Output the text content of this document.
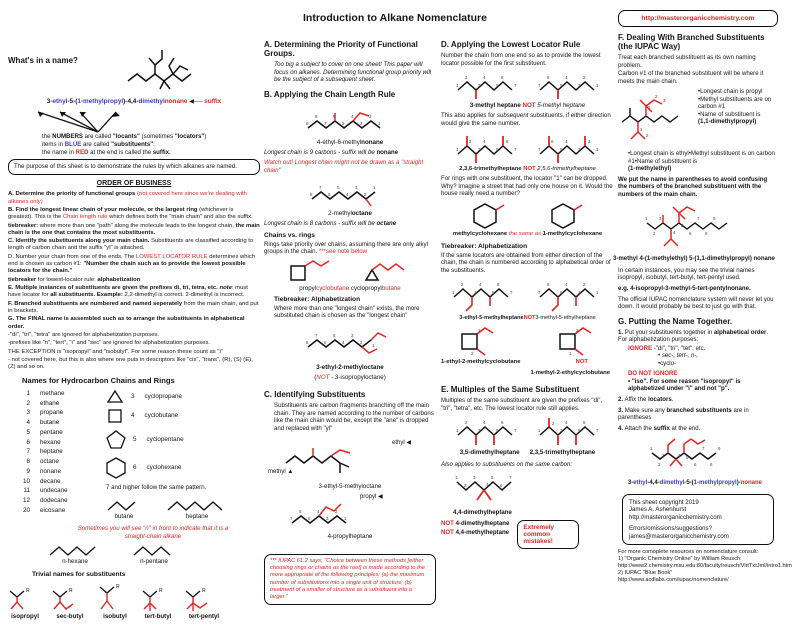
Introduction to Alkane Nomenclature
What's in a name?
3-ethyl-5-(1-methylpropyl)-4,4-dimethylnonane ◀── suffix
the NUMBERS are called "locants" (sometimes "locators")
items in BLUE are called "substituents":
the name in RED at the end is called the suffix.
The purpose of this sheet is to demonstrate the rules by which alkanes are named.
ORDER OF BUSINESS

A. Determine the priority of functional groups (not covered here since we're dealing with alkanes only)

B. Find the longest linear chain of your molecule, or the largest ring (whichever is greatest). This is the Chain length rule which defines both the "main chain" and also the suffix.

tiebreaker: where more than one "path" along the molecule leads to the longest chain, the main chain is the one that contains the most substituents.

C. Identify the substituents along your main chain. Substituents are classified according to length of carbon chain and the suffix "yl" is attached.

D. Number your chain from one of the ends. The LOWEST LOCATOR RULE determines which end is chosen as carbon #1: "Number the chain such as to provide the lowest possible locators for the chain."

tiebreaker for lowest-locator rule: alphabetization

E. Multiple instances of substituents are given the prefixes di, tri, tetra, etc. note: must have locator for all substituents. Example: 2,2-dimethyl is correct. 2-dimethyl is incorrect.

F. Branched substituents are numbered and named seperately from the main chain, and put in brackets.

G. The FINAL name is assembled such as to arrange the substituents in alphabetical order.

-"di", "tri", "tetra" are ignored for alphabetization purposes.

-prefixes like "n", "tert", "i" and "sec" are ignored for alphabetization purposes.

THE EXCEPTION is "isopropyl" and "isobutyl". For some reason these count as "i"

- not covered here, but this is also where one puts in descriptors like "cis", "trans", (R), (S) (E), (Z) and so on.

Names for Hydrocarbon Chains and Rings
1 methane
2 ethane
3 propane
4 butane
5 pentane
6 hexane
7 heptane
8 octane
9 nonane
10 decane
11 undecane
12 dodecane
20 eicosane
3 cyclopropane
4 cyclobutane
5 cyclopentane
6 cyclohexane
7 and higher follow the same pattern.
butane	heptane
Sometimes you will see "n" in front to indicate that it is a straight-chain alkane
n-hexane	n-pentane
Trivial names for substituents
R
isopropyl
R
sec-butyl
R
isobutyl
R
tert-butyl
R
tert-pentyl
A. Determining the Priority of Functional Groups.

Too big a subject to cover on one sheet! This paper will focus on alkanes. Determining functional group priority will be the subject of a subsequent sheet.

B. Applying the Chain Length Rule
9
8
7
6
5
4
3
2
1
4-ethyl-6-methylnonane

Longest chain is 9 carbons - suffix will be nonane

Watch out! Longest chain might not be drawn as a "straight chain"

8
7
6
5
4
3
2
1
2-methyloctane

Longest chain is 8 carbons - suffix will be octane

Chains vs. rings

Rings take priority over chains, assuming there are only alkyl groups in the chain. ***see note below

propylcyclobutane cyclopropylbutane
Tiebreaker: Alphabetization

Where more than one "longest chain" exists, the more substituted chain is chosen as the "longest chain"

8
7
6
5
4
3
2
1
3-ethyl-2-methyloctane
(NOT - 3-isopropyloctane)
C. Identifying Substituents

Substituents are carbon fragments branching off the main chain. They are named according to the number of carbons like the main chain would be, except the "ane" is dropped and replaced with "yl"

ethyl ◀
methyl ▲
3-ethyl-5-methyloctane
7
6
5
4
3
2
1
propyl ◀
4-propylheptane
*** IUPAC 61.2 says, "Choice between these methods [either choosing rings or chains as the root] is made according to the more appropriate of the following principles: (a) the maximum number of substitutions into a single unit of structure; (b) treatment of a smaller of structure as a substituent into a larger."
D. Applying the Lowest Locator Rule

Number the chain from one end so as to provide the lowest locator possible for the first substituent.

1
2
3
4
5
6
7	7
6
5
4
3
2
1
3-methyl heptane NOT 5-methyl heptane

This also applies for subsequent substituents, if either direction would give the same number.

1
2
3
4
5
6
7	7
6
5
4
3
2
1
2,3,6-trimethylheptane NOT 2,5,6-trimethylheptane

For rings with one substituent, the locator "1" can be dropped. Why? Imagine a street that had only one house on it. Would the house really need a number?

methylcyclohexane the same as 1-methylcyclohexane
Tiebreaker: Alphabetization

If the same locators are obtained from either direction of the chain, the chain is numbered according to alphabetical order of the substituents.

1
2
3
4
5
6
7	7
6
5
4
3
2
1
3-ethyl-5-methylheptaneNOT3-methyl-5-ethylheptane
1
2
2
1
1-ethyl-2-methylcyclobutane	NOT
1-methyl-2-ethylcyclobutane
E. Multiples of the Same Substituent

Multiples of the same substituent are given the prefixes "di", "tri", "tetra", etc. The lowest locator rule still applies.

1
2
3
4
5
6
7	1
2
3
4
5
6
7
3,5-dimethylheptane 2,3,5-trimethylheptane

Also applies to substituents on the same carbon:

1
2
3
4
5
6
7
4,4-dimethylheptane
NOT 4-dimethylheptane
NOT 4,4-methylheptane
Extremely common mistakes!
http://masterorganicchemistry.com
F. Dealing With Branched Substituents (the IUPAC Way)

Treat each branched substituent as its own naming problem.

Carbon #1 of the branched substituent will be where it meets the main chain.

1
2
3
1
2

•Longest chain is propyl
•Methyl substituents are on carbon #1
•Name of substituent is

(1,1-dimethylpropyl)

•Longest chain is ethyl•Methyl substituent is on carbon #1•Name of substituent is

(1-methylethyl)

We put the name in parentheses to avoid confusing the numbers of the branched substituent with the numbers of the main chain.

1
2
3
4
5
6
7
8
9
3-methyl 4-(1-methylethyl) 5-(1,1-dimethylpropyl) nonane

In certain instances, you may see the trivial names isopropyl, isobutyl, tert-butyl, tert-pentyl used.

e.g. 4-isopropyl-3-methyl-5-tert-pentylnonane.

The official IUPAC nomenclature system will never let you down. It would probably be best to just go with that.

G. Putting the Name Together.

1. Put your substituents together in alphabetical order. For alphabetization purposes:

IGNORE -"di", "tri", "tet", etc.

• sec-, tert-, n-,

•cyclo-

DO NOT IGNORE

• "iso". For some reason "isopropyl" is alphabetized under "i" and not "p".

2. Affix the locators.

3. Make sure any branched substituents are in parentheses

4. Attach the suffix at the end.

1
2
3	4 5
6
7
8
9
3-ethyl-4,4-dimethyl-5-(1-methylpropyl)-nonane
This sheet copyright 2019
James A. Ashenhurst
http://masterorganicchemistry.com
Errors/omissions/suggestions?
james@masterorganicchemistry.com
For more comoplete resources on nomenclature consult:
1) "Organic Chemistry Online" by William Reusch:
http://www2.chemistry.msu.edu:80/faculty/reusch/VirtTxtJml/intro1.htm
2) IUPAC "Blue Book"
http://www.acdlabs.com/iupac/nomenclature/
